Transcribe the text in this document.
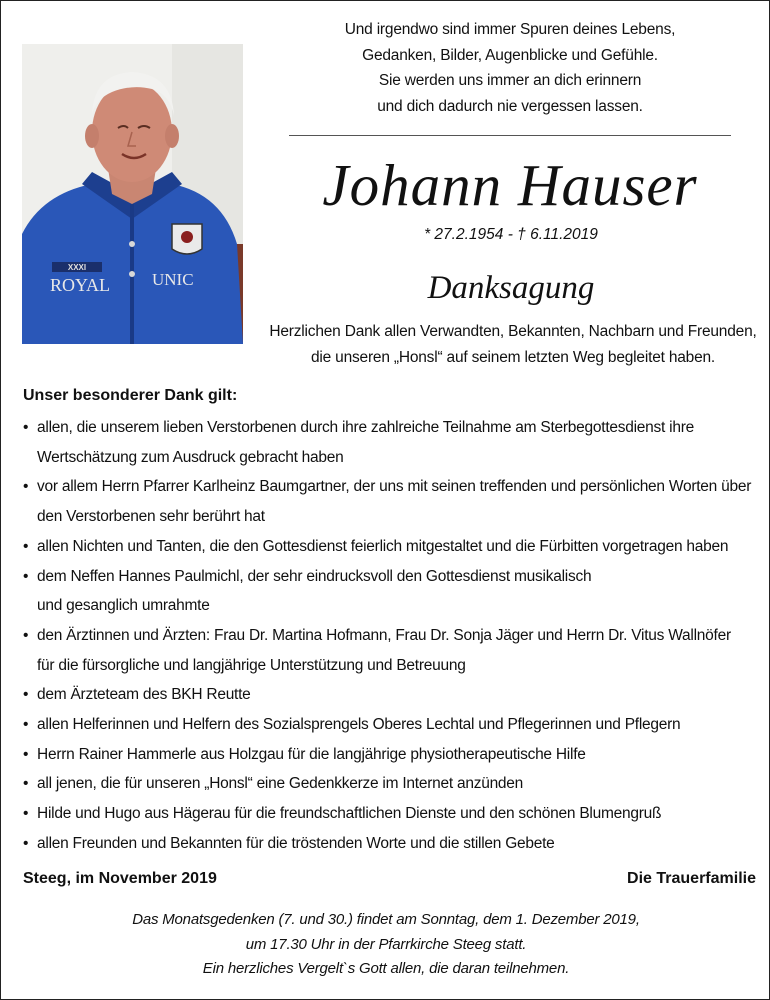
XXXI
ROYAL UNIC
Und irgendwo sind immer Spuren deines Lebens,
Gedanken, Bilder, Augenblicke und Gefühle.
Sie werden uns immer an dich erinnern
und dich dadurch nie vergessen lassen.
Johann Hauser
* 27.2.1954 - † 6.11.2019
Danksagung
Herzlichen Dank allen Verwandten, Bekannten, Nachbarn und Freunden,
die unseren „Honsl“ auf seinem letzten Weg begleitet haben.
Unser besonderer Dank gilt:
• allen, die unserem lieben Verstorbenen durch ihre zahlreiche Teilnahme am Sterbegottesdienst ihre
Wertschätzung zum Ausdruck gebracht haben
• vor allem Herrn Pfarrer Karlheinz Baumgartner, der uns mit seinen treffenden und persönlichen Worten über
den Verstorbenen sehr berührt hat
• allen Nichten und Tanten, die den Gottesdienst feierlich mitgestaltet und die Fürbitten vorgetragen haben
• dem Neffen Hannes Paulmichl, der sehr eindrucksvoll den Gottesdienst musikalisch
und gesanglich umrahmte
• den Ärztinnen und Ärzten: Frau Dr. Martina Hofmann, Frau Dr. Sonja Jäger und Herrn Dr. Vitus Wallnöfer
für die fürsorgliche und langjährige Unterstützung und Betreuung
• dem Ärzteteam des BKH Reutte
• allen Helferinnen und Helfern des Sozialsprengels Oberes Lechtal und Pflegerinnen und Pflegern
• Herrn Rainer Hammerle aus Holzgau für die langjährige physiotherapeutische Hilfe
• all jenen, die für unseren „Honsl“ eine Gedenkkerze im Internet anzünden
• Hilde und Hugo aus Hägerau für die freundschaftlichen Dienste und den schönen Blumengruß
• allen Freunden und Bekannten für die tröstenden Worte und die stillen Gebete
Steeg, im November 2019	Die Trauerfamilie
Das Monatsgedenken (7. und 30.) findet am Sonntag, dem 1. Dezember 2019,
um 17.30 Uhr in der Pfarrkirche Steeg statt.
Ein herzliches Vergelt`s Gott allen, die daran teilnehmen.
